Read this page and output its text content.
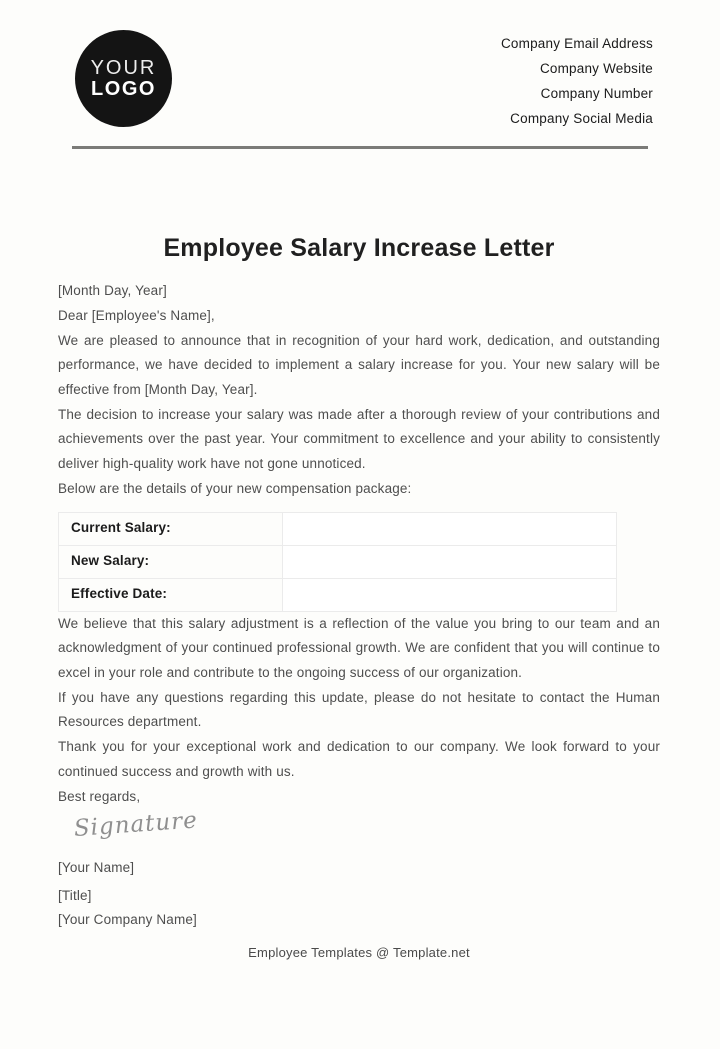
YOUR
LOGO
Company Email Address
Company Website
Company Number
Company Social Media
Employee Salary Increase Letter
[Month Day, Year]
Dear [Employee's Name],

We are pleased to announce that in recognition of your hard work, dedication, and outstanding performance, we have decided to implement a salary increase for you. Your new salary will be effective from [Month Day, Year].

The decision to increase your salary was made after a thorough review of your contributions and achievements over the past year. Your commitment to excellence and your ability to consistently deliver high-quality work have not gone unnoticed.

Below are the details of your new compensation package:
Current Salary:	
New Salary:	
Effective Date:	

We believe that this salary adjustment is a reflection of the value you bring to our team and an acknowledgment of your continued professional growth. We are confident that you will continue to excel in your role and contribute to the ongoing success of our organization.

If you have any questions regarding this update, please do not hesitate to contact the Human Resources department.

Thank you for your exceptional work and dedication to our company. We look forward to your continued success and growth with us.

Best regards,
Signature
[Your Name]
[Title]
[Your Company Name]
Employee Templates @ Template.net
